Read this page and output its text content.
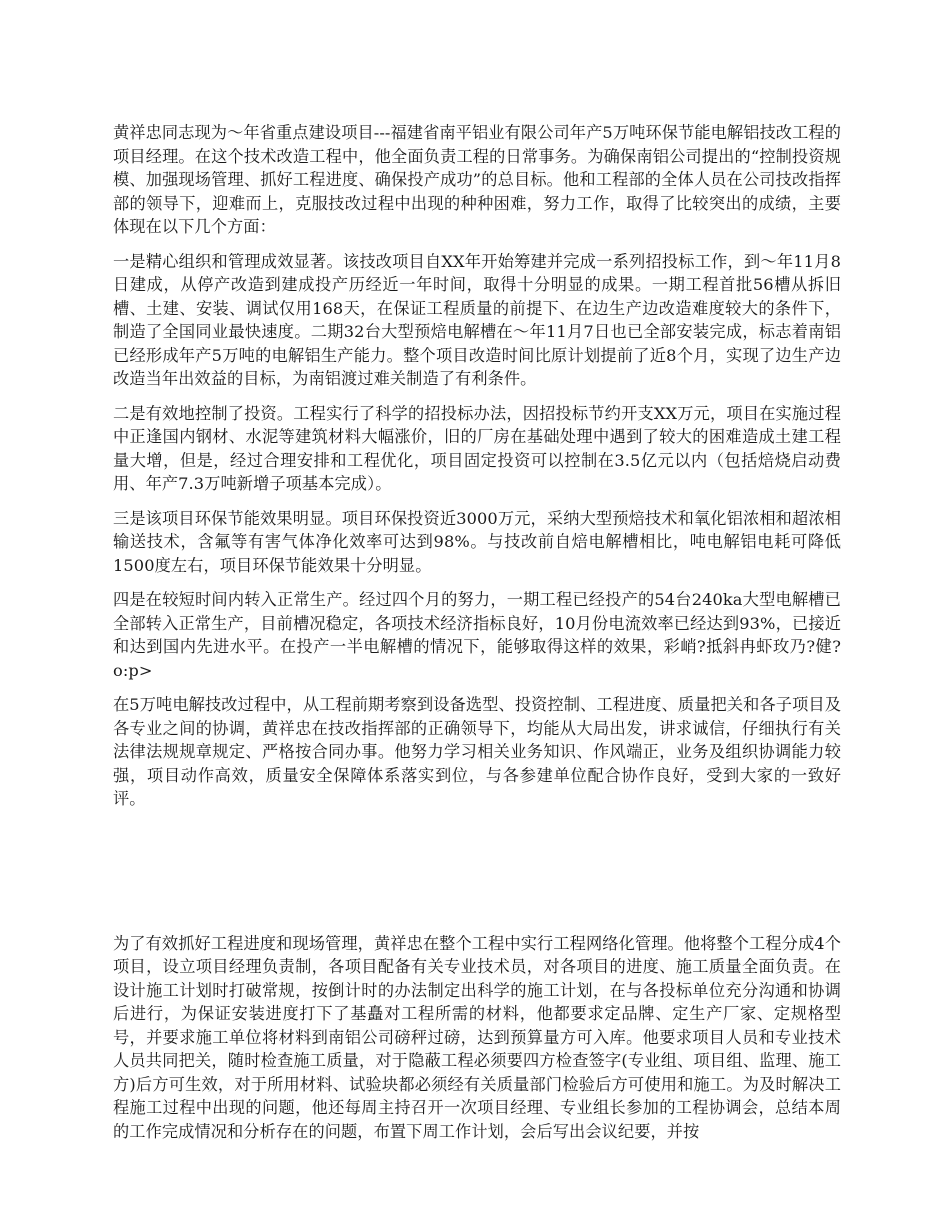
黄祥忠同志现为～年省重点建设项目---福建省南平铝业有限公司年产5万吨环保节能电解铝技改工程的项目经理。在这个技术改造工程中，他全面负责工程的日常事务。为确保南铝公司提出的“控制投资规模、加强现场管理、抓好工程进度、确保投产成功”的总目标。他和工程部的全体人员在公司技改指挥部的领导下，迎难而上，克服技改过程中出现的种种困难，努力工作，取得了比较突出的成绩，主要体现在以下几个方面：

一是精心组织和管理成效显著。该技改项目自XX年开始筹建并完成一系列招投标工作，到～年11月8日建成，从停产改造到建成投产历经近一年时间，取得十分明显的成果。一期工程首批56槽从拆旧槽、土建、安装、调试仅用168天，在保证工程质量的前提下、在边生产边改造难度较大的条件下，制造了全国同业最快速度。二期32台大型预焙电解槽在～年11月7日也已全部安装完成，标志着南铝已经形成年产5万吨的电解铝生产能力。整个项目改造时间比原计划提前了近8个月，实现了边生产边改造当年出效益的目标，为南铝渡过难关制造了有利条件。

二是有效地控制了投资。工程实行了科学的招投标办法，因招投标节约开支XX万元，项目在实施过程中正逢国内钢材、水泥等建筑材料大幅涨价，旧的厂房在基础处理中遇到了较大的困难造成土建工程量大增，但是，经过合理安排和工程优化，项目固定投资可以控制在3.5亿元以内（包括焙烧启动费用、年产7.3万吨新增子项基本完成）。

三是该项目环保节能效果明显。项目环保投资近3000万元，采纳大型预焙技术和氧化铝浓相和超浓相输送技术，含氟等有害气体净化效率可达到98%。与技改前自焙电解槽相比，吨电解铝电耗可降低1500度左右，项目环保节能效果十分明显。

四是在较短时间内转入正常生产。经过四个月的努力，一期工程已经投产的54台240ka大型电解槽已全部转入正常生产，目前槽况稳定，各项技术经济指标良好，10月份电流效率已经达到93%，已接近和达到国内先进水平。在投产一半电解槽的情况下，能够取得这样的效果，彩峭?抵斜冉虾玫乃?健?o:p>

在5万吨电解技改过程中，从工程前期考察到设备选型、投资控制、工程进度、质量把关和各子项目及各专业之间的协调，黄祥忠在技改指挥部的正确领导下，均能从大局出发，讲求诚信，仔细执行有关法律法规规章规定、严格按合同办事。他努力学习相关业务知识、作风端正，业务及组织协调能力较强，项目动作高效，质量安全保障体系落实到位，与各参建单位配合协作良好，受到大家的一致好评。

为了有效抓好工程进度和现场管理，黄祥忠在整个工程中实行工程网络化管理。他将整个工程分成4个项目，设立项目经理负责制，各项目配备有关专业技术员，对各项目的进度、施工质量全面负责。在设计施工计划时打破常规，按倒计时的办法制定出科学的施工计划，在与各投标单位充分沟通和协调后进行，为保证安装进度打下了基矗对工程所需的材料，他都要求定品牌、定生产厂家、定规格型号，并要求施工单位将材料到南铝公司磅秤过磅，达到预算量方可入库。他要求项目人员和专业技术人员共同把关，随时检查施工质量，对于隐蔽工程必须要四方检查签字(专业组、项目组、监理、施工方)后方可生效，对于所用材料、试验块都必须经有关质量部门检验后方可使用和施工。为及时解决工程施工过程中出现的问题，他还每周主持召开一次项目经理、专业组长参加的工程协调会，总结本周的工作完成情况和分析存在的问题，布置下周工作计划，会后写出会议纪要，并按
